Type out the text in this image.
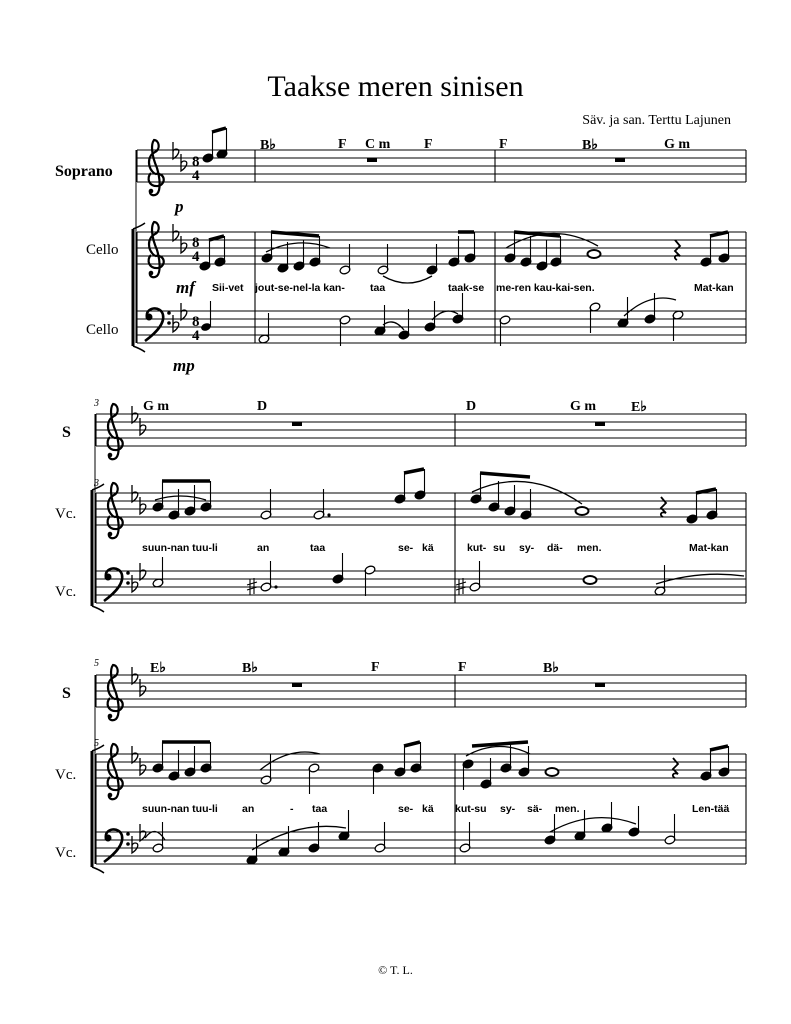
Taakse meren sinisen
Säv. ja san. Terttu Lajunen
Soprano
Cello
Cello
S
Vc.
Vc.
S
Vc.
Vc.
p
mf
mp
3
3
5
5
B♭	F C m F	F	B♭	G m
G m	D	D	G m E♭
E♭	B♭	F	F	B♭
Sii-vet jout-se-nel-la kan- taa	taak-se me-ren kau-kai-sen.	Mat-kan
suun-nan tuu-li	an	taa	se- kä	kut- su sy- dä- men.	Mat-kan
suun-nan tuu-li an	- taa	se- kä kut-su sy- sä- men.	Len-tää
8
4
8
4
8
4
© T. L.
